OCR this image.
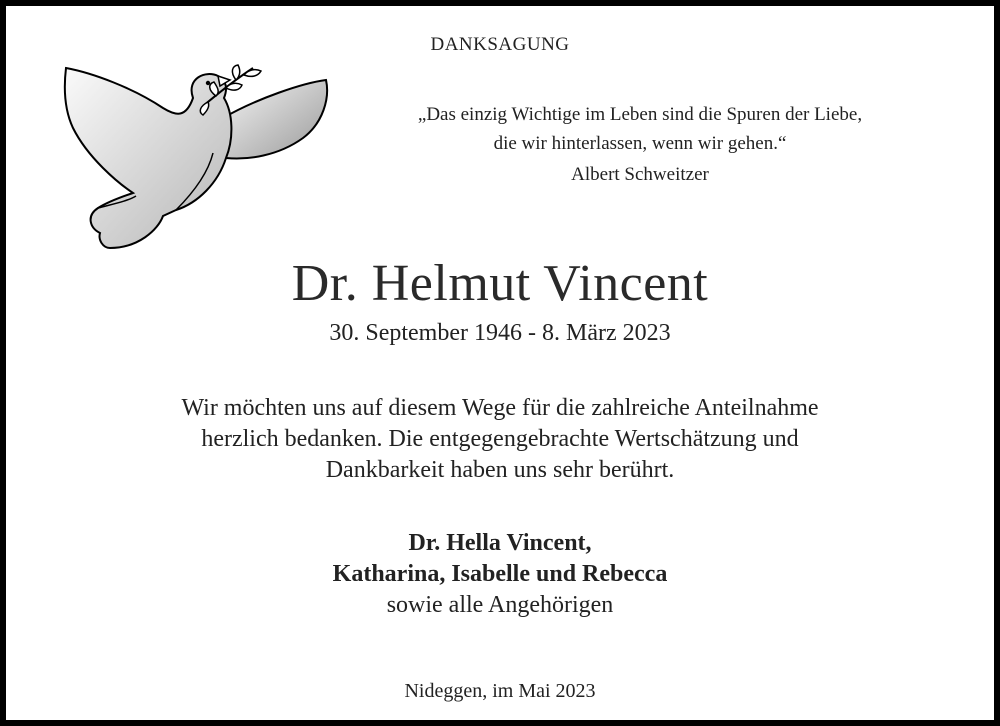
DANKSAGUNG
„Das einzig Wichtige im Leben sind die Spuren der Liebe,
die wir hinterlassen, wenn wir gehen.“
Albert Schweitzer
Dr. Helmut Vincent
30. September 1946 - 8. März 2023
Wir möchten uns auf diesem Wege für die zahlreiche Anteilnahme
herzlich bedanken. Die entgegengebrachte Wertschätzung und
Dankbarkeit haben uns sehr berührt.
Dr. Hella Vincent,
Katharina, Isabelle und Rebecca
sowie alle Angehörigen
Nideggen, im Mai 2023
